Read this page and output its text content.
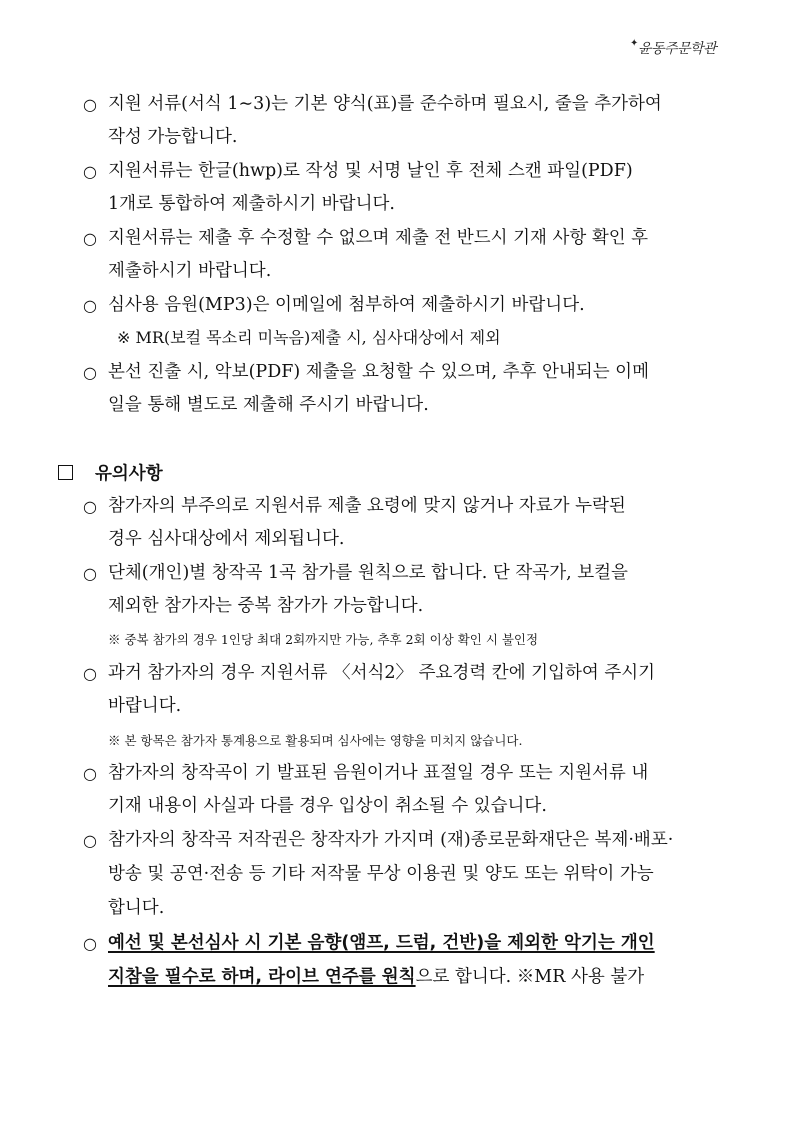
✦윤동주문학관
○ 지원 서류(서식 1∼3)는 기본 양식(표)를 준수하며 필요시, 줄을 추가하여
작성 가능합니다.
○ 지원서류는 한글(hwp)로 작성 및 서명 날인 후 전체 스캔 파일(PDF)
1개로 통합하여 제출하시기 바랍니다.
○ 지원서류는 제출 후 수정할 수 없으며 제출 전 반드시 기재 사항 확인 후
제출하시기 바랍니다.
○ 심사용 음원(MP3)은 이메일에 첨부하여 제출하시기 바랍니다.
※ MR(보컬 목소리 미녹음)제출 시, 심사대상에서 제외
○ 본선 진출 시, 악보(PDF) 제출을 요청할 수 있으며, 추후 안내되는 이메
일을 통해 별도로 제출해 주시기 바랍니다.
유의사항
○ 참가자의 부주의로 지원서류 제출 요령에 맞지 않거나 자료가 누락된
경우 심사대상에서 제외됩니다.
○ 단체(개인)별 창작곡 1곡 참가를 원칙으로 합니다. 단 작곡가, 보컬을
제외한 참가자는 중복 참가가 가능합니다.
※ 중복 참가의 경우 1인당 최대 2회까지만 가능, 추후 2회 이상 확인 시 불인정
○ 과거 참가자의 경우 지원서류 〈서식2〉 주요경력 칸에 기입하여 주시기
바랍니다.
※ 본 항목은 참가자 통계용으로 활용되며 심사에는 영향을 미치지 않습니다.
○ 참가자의 창작곡이 기 발표된 음원이거나 표절일 경우 또는 지원서류 내
기재 내용이 사실과 다를 경우 입상이 취소될 수 있습니다.
○ 참가자의 창작곡 저작권은 창작자가 가지며 (재)종로문화재단은 복제·배포·
방송 및 공연·전송 등 기타 저작물 무상 이용권 및 양도 또는 위탁이 가능
합니다.
○ 예선 및 본선심사 시 기본 음향(앰프, 드럼, 건반)을 제외한 악기는 개인
지참을 필수로 하며, 라이브 연주를 원칙으로 합니다. ※MR 사용 불가
